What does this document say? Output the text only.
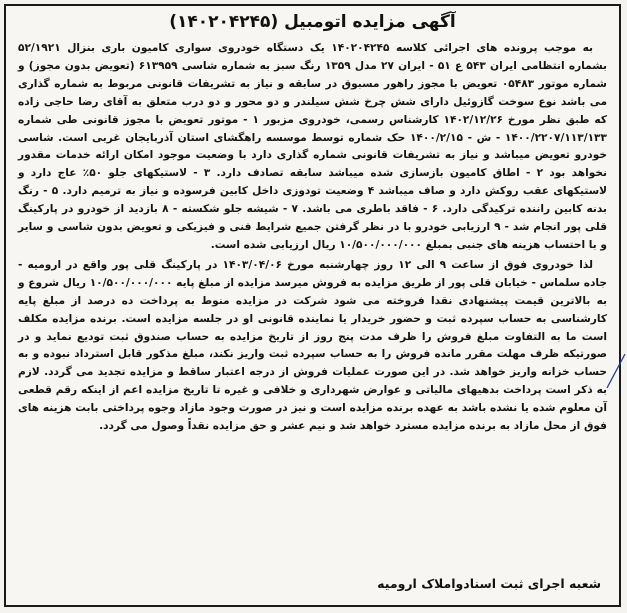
آگهی مزایده اتومبیل (۱۴۰۲۰۴۲۴۵)

به موجب پرونده های اجرائی کلاسه ۱۴۰۲۰۴۲۴۵ یک دستگاه خودروی سواری کامیون باری بنزال ۵۲/۱۹۲۱ بشماره انتظامی ایران ۵۴۳ ع ۵۱ - ایران ۲۷ مدل ۱۳۵۹ رنگ سبز به شماره شاسی ۶۱۳۹۵۹ (تعویض بدون مجوز) و شماره موتور ۰۵۴۸۳ تعویض با مجوز راهور مسبوق در سابقه و نیاز به تشریفات قانونی مربوط به شماره گذاری می باشد نوع سوخت گازوئیل دارای شش چرخ شش سیلندر و دو محور و دو درب متعلق به آقای رضا حاجی زاده که طبق نظر مورخ ۱۴۰۲/۱۲/۲۶ کارشناس رسمی، خودروی مزبور ۱ - موتور تعویض با مجوز قانونی طی شماره ۱۴۰۰/۲۲۰۷/۱۱۳/۱۳۳ - ش - ۱۴۰۰/۲/۱۵ حک شماره توسط موسسه راهگشای استان آذربایجان غربی است. شاسی خودرو تعویض میباشد و نیاز به تشریفات قانونی شماره گذاری دارد با وضعیت موجود امکان ارائه خدمات مقدور نخواهد بود ۲ - اطاق کامیون بازسازی شده میباشد سابقه تصادف دارد. ۳ - لاستیکهای جلو ۵۰٪ عاج دارد و لاستیکهای عقب روکش دارد و صاف میباشد ۴ وضعیت تودوزی داخل کابین فرسوده و نیاز به ترمیم دارد. ۵ - رنگ بدنه کابین راننده ترکیدگی دارد. ۶ - فاقد باطری می باشد. ۷ - شیشه جلو شکسته - ۸ بازدید از خودرو در پارکینگ قلی پور انجام شد - ۹ ارزیابی خودرو با در نظر گرفتن جمیع شرایط فنی و فیزیکی و تعویض بدون شاسی و سایر و با احتساب هزینه های جنبی بمبلغ ۱۰/۵۰۰/۰۰۰/۰۰۰ ریال ارزیابی شده است.

لذا خودروی فوق از ساعت ۹ الی ۱۲ روز چهارشنبه مورخ ۱۴۰۳/۰۴/۰۶ در پارکینگ قلی پور واقع در ارومیه - جاده سلماس - خیابان قلی پور از طریق مزایده به فروش میرسد مزایده از مبلغ پایه ۱۰/۵۰۰/۰۰۰/۰۰۰ ریال شروع و به بالاترین قیمت پیشنهادی نقدا فروخته می شود شرکت در مزایده منوط به پرداخت ده درصد از مبلغ پایه کارشناسی به حساب سپرده ثبت و حضور خریدار یا نماینده قانونی او در جلسه مزایده است. برنده مزایده مکلف است ما به التفاوت مبلغ فروش را ظرف مدت پنج روز از تاریخ مزایده به حساب صندوق ثبت تودیع نماید و در صورتیکه ظرف مهلت مقرر مانده فروش را به حساب سپرده ثبت واریز نکند، مبلغ مذکور قابل استرداد نبوده و به حساب خزانه واریز خواهد شد. در این صورت عملیات فروش از درجه اعتبار ساقط و مزایده تجدید می گردد. لازم به ذکر است پرداخت بدهیهای مالیاتی و عوارض شهرداری و خلافی و غیره تا تاریخ مزایده اعم از اینکه رقم قطعی آن معلوم شده یا نشده باشد به عهده برنده مزایده است و نیز در صورت وجود مازاد وجوه پرداختی بابت هزینه های فوق از محل مازاد به برنده مزایده مسترد خواهد شد و نیم عشر و حق مزایده نقداً وصول می گردد.

شعبه اجرای ثبت اسنادواملاک ارومیه
